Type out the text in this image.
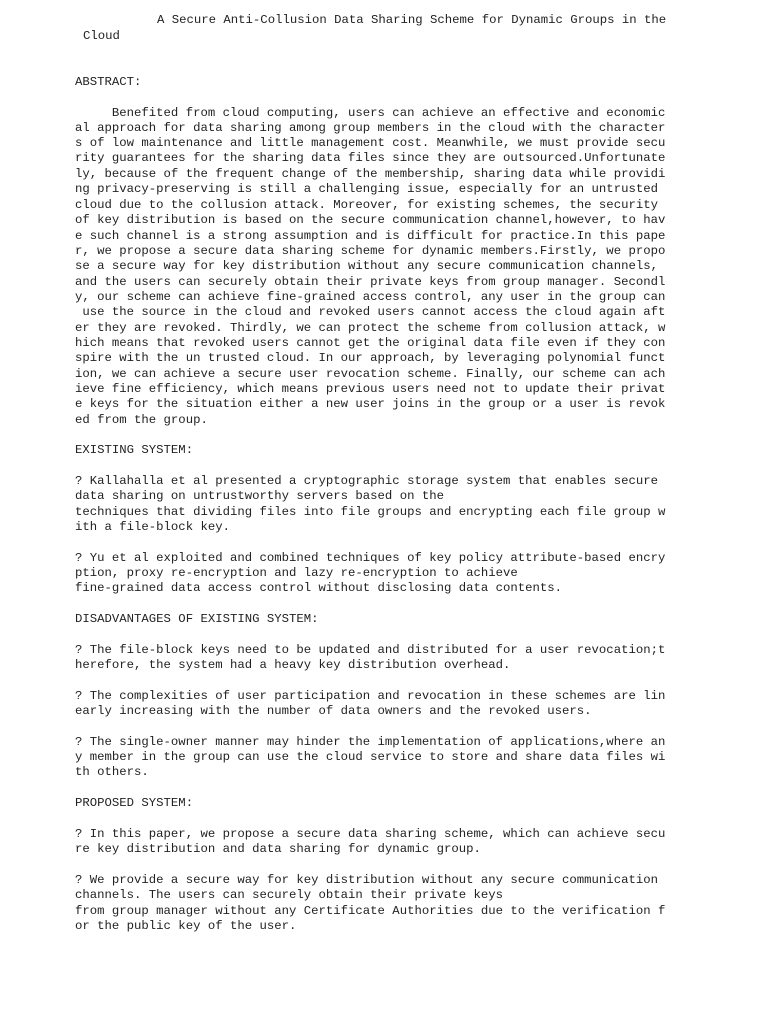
A Secure Anti-Collusion Data Sharing Scheme for Dynamic Groups in the
Cloud
ABSTRACT:
Benefited from cloud computing, users can achieve an effective and economic
al approach for data sharing among group members in the cloud with the character
s of low maintenance and little management cost. Meanwhile, we must provide secu
rity guarantees for the sharing data files since they are outsourced.Unfortunate
ly, because of the frequent change of the membership, sharing data while providi
ng privacy-preserving is still a challenging issue, especially for an untrusted
cloud due to the collusion attack. Moreover, for existing schemes, the security
of key distribution is based on the secure communication channel,however, to hav
e such channel is a strong assumption and is difficult for practice.In this pape
r, we propose a secure data sharing scheme for dynamic members.Firstly, we propo
se a secure way for key distribution without any secure communication channels,
and the users can securely obtain their private keys from group manager. Secondl
y, our scheme can achieve fine-grained access control, any user in the group can
use the source in the cloud and revoked users cannot access the cloud again aft
er they are revoked. Thirdly, we can protect the scheme from collusion attack, w
hich means that revoked users cannot get the original data file even if they con
spire with the un trusted cloud. In our approach, by leveraging polynomial funct
ion, we can achieve a secure user revocation scheme. Finally, our scheme can ach
ieve fine efficiency, which means previous users need not to update their privat
e keys for the situation either a new user joins in the group or a user is revok
ed from the group.
EXISTING SYSTEM:
? Kallahalla et al presented a cryptographic storage system that enables secure
data sharing on untrustworthy servers based on the
techniques that dividing files into file groups and encrypting each file group w
ith a file-block key.
? Yu et al exploited and combined techniques of key policy attribute-based encry
ption, proxy re-encryption and lazy re-encryption to achieve
fine-grained data access control without disclosing data contents.
DISADVANTAGES OF EXISTING SYSTEM:
? The file-block keys need to be updated and distributed for a user revocation;t
herefore, the system had a heavy key distribution overhead.
? The complexities of user participation and revocation in these schemes are lin
early increasing with the number of data owners and the revoked users.
? The single-owner manner may hinder the implementation of applications,where an
y member in the group can use the cloud service to store and share data files wi
th others.
PROPOSED SYSTEM:
? In this paper, we propose a secure data sharing scheme, which can achieve secu
re key distribution and data sharing for dynamic group.
? We provide a secure way for key distribution without any secure communication
channels. The users can securely obtain their private keys
from group manager without any Certificate Authorities due to the verification f
or the public key of the user.
